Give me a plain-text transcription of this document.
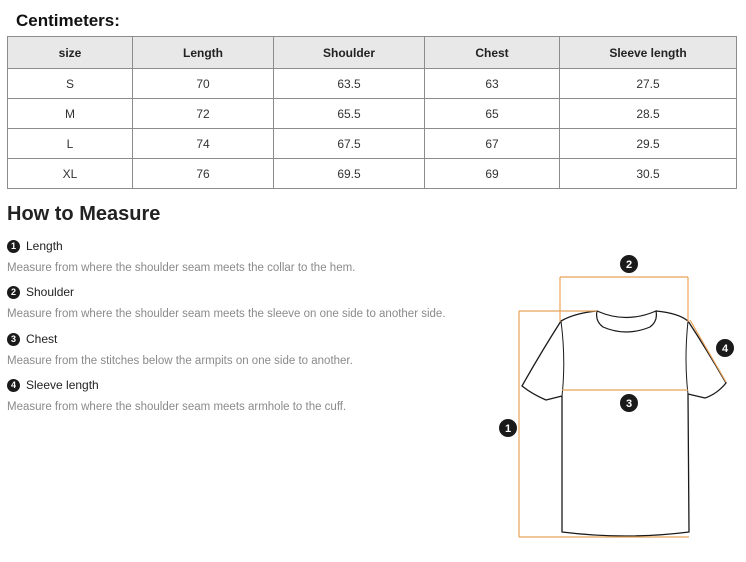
Centimeters:
size	Length	Shoulder	Chest	Sleeve length
S	70	63.5	63	27.5
M	72	65.5	65	28.5
L	74	67.5	67	29.5
XL	76	69.5	69	30.5
How to Measure
1 Length
Measure from where the shoulder seam meets the collar to the hem.
2 Shoulder
Measure from where the shoulder seam meets the sleeve on one side to another side.
3 Chest
Measure from the stitches below the armpits on one side to another.
4 Sleeve length
Measure from where the shoulder seam meets armhole to the cuff.
1
2
3
4
